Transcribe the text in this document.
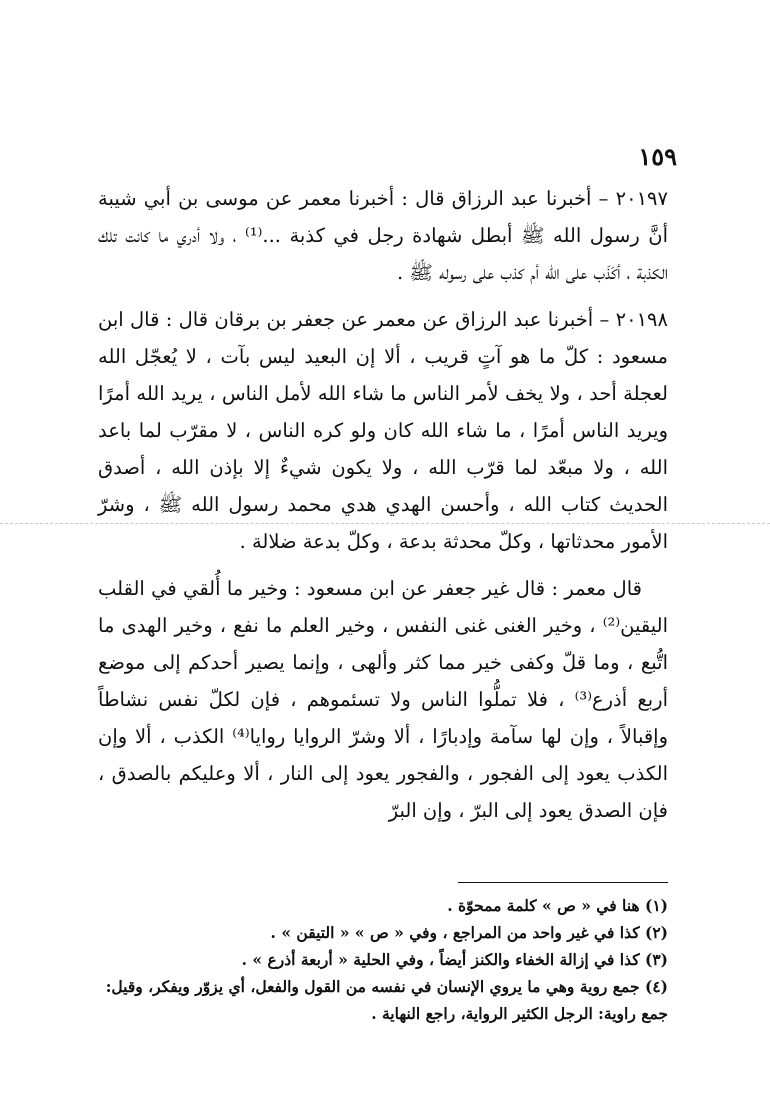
١٥٩

٢٠١٩٧ – أخبرنا عبد الرزاق قال : أخبرنا معمر عن موسى بن أبي شيبة أنَّ رسول الله ﷺ أبطل شهادة رجل في كذبة ...⁽¹⁾ ، ولا أدري ما كانت تلك الكذبة ، أكَذَب على الله أم كذب على رسوله ﷺ .

٢٠١٩٨ – أخبرنا عبد الرزاق عن معمر عن جعفر بن برقان قال : قال ابن مسعود : كلّ ما هو آتٍ قريب ، ألا إن البعيد ليس بآت ، لا يُعجّل الله لعجلة أحد ، ولا يخف لأمر الناس ما شاء الله لأمل الناس ، يريد الله أمرًا ويريد الناس أمرًا ، ما شاء الله كان ولو كره الناس ، لا مقرّب لما باعد الله ، ولا مبعّد لما قرّب الله ، ولا يكون شيءٌ إلا بإذن الله ، أصدق الحديث كتاب الله ، وأحسن الهدي هدي محمد رسول الله ﷺ ، وشرّ الأمور محدثاتها ، وكلّ محدثة بدعة ، وكلّ بدعة ضلالة .

قال معمر : قال غير جعفر عن ابن مسعود : وخير ما أُلقي في القلب اليقين⁽²⁾ ، وخير الغنى غنى النفس ، وخير العلم ما نفع ، وخير الهدى ما اتُّبع ، وما قلّ وكفى خير مما كثر وألهى ، وإنما يصير أحدكم إلى موضع أربع أذرع⁽³⁾ ، فلا تملُّوا الناس ولا تسئموهم ، فإن لكلّ نفس نشاطاً وإقبالاً ، وإن لها سآمة وإدبارًا ، ألا وشرّ الروايا روايا⁽⁴⁾ الكذب ، ألا وإن الكذب يعود إلى الفجور ، والفجور يعود إلى النار ، ألا وعليكم بالصدق ، فإن الصدق يعود إلى البرّ ، وإن البرّ

(١) هنا في « ص » كلمة ممحوّة .

(٢) كذا في غير واحد من المراجع ، وفي « ص » « التيقن » .

(٣) كذا في إزالة الخفاء والكنز أيضاً ، وفي الحلية « أربعة أذرع » .

(٤) جمع روية وهي ما يروي الإنسان في نفسه من القول والفعل، أي يزوّر ويفكر، وقيل: جمع راوية: الرجل الكثير الرواية، راجع النهاية .
